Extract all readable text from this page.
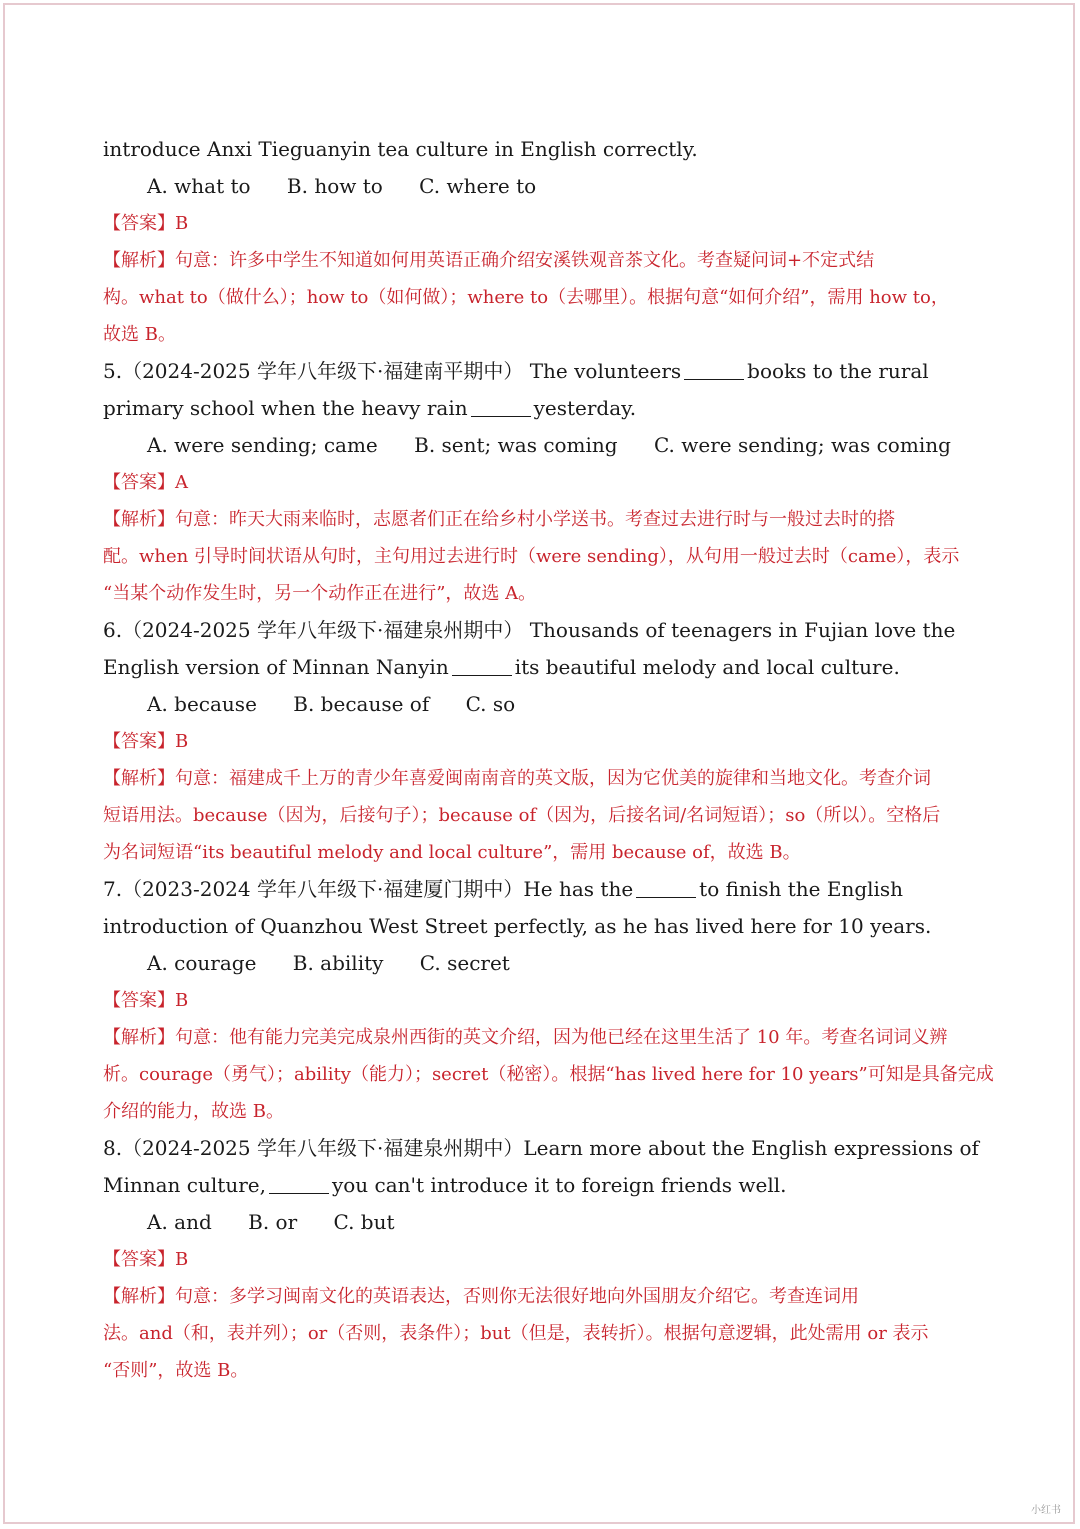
introduce Anxi Tieguanyin tea culture in English correctly.
A. what to B. how to C. where to
【答案】B
【解析】句意：许多中学生不知道如何用英语正确介绍安溪铁观音茶文化。考查疑问词+不定式结
构。what to（做什么）；how to（如何做）；where to（去哪里）。根据句意“如何介绍”，需用 how to，
故选 B。
5.（2024-2025 学年八年级下·福建南平期中） The volunteers	books to the rural
primary school when the heavy rain	yesterday.
A. were sending; came B. sent; was coming C. were sending; was coming
【答案】A
【解析】句意：昨天大雨来临时，志愿者们正在给乡村小学送书。考查过去进行时与一般过去时的搭
配。when 引导时间状语从句时，主句用过去进行时（were sending），从句用一般过去时（came），表示
“当某个动作发生时，另一个动作正在进行”，故选 A。
6.（2024-2025 学年八年级下·福建泉州期中） Thousands of teenagers in Fujian love the
English version of Minnan Nanyin	its beautiful melody and local culture.
A. because B. because of C. so
【答案】B
【解析】句意：福建成千上万的青少年喜爱闽南南音的英文版，因为它优美的旋律和当地文化。考查介词
短语用法。because（因为，后接句子）；because of（因为，后接名词/名词短语）；so（所以）。空格后
为名词短语“its beautiful melody and local culture”，需用 because of，故选 B。
7.（2023-2024 学年八年级下·福建厦门期中）He has the	to finish the English
introduction of Quanzhou West Street perfectly, as he has lived here for 10 years.
A. courage B. ability C. secret
【答案】B
【解析】句意：他有能力完美完成泉州西街的英文介绍，因为他已经在这里生活了 10 年。考查名词词义辨
析。courage（勇气）；ability（能力）；secret（秘密）。根据“has lived here for 10 years”可知是具备完成
介绍的能力，故选 B。
8.（2024-2025 学年八年级下·福建泉州期中）Learn more about the English expressions of
Minnan culture,	you can't introduce it to foreign friends well.
A. and B. or C. but
【答案】B
【解析】句意：多学习闽南文化的英语表达，否则你无法很好地向外国朋友介绍它。考查连词用
法。and（和，表并列）；or（否则，表条件）；but（但是，表转折）。根据句意逻辑，此处需用 or 表示
“否则”，故选 B。
小红书
